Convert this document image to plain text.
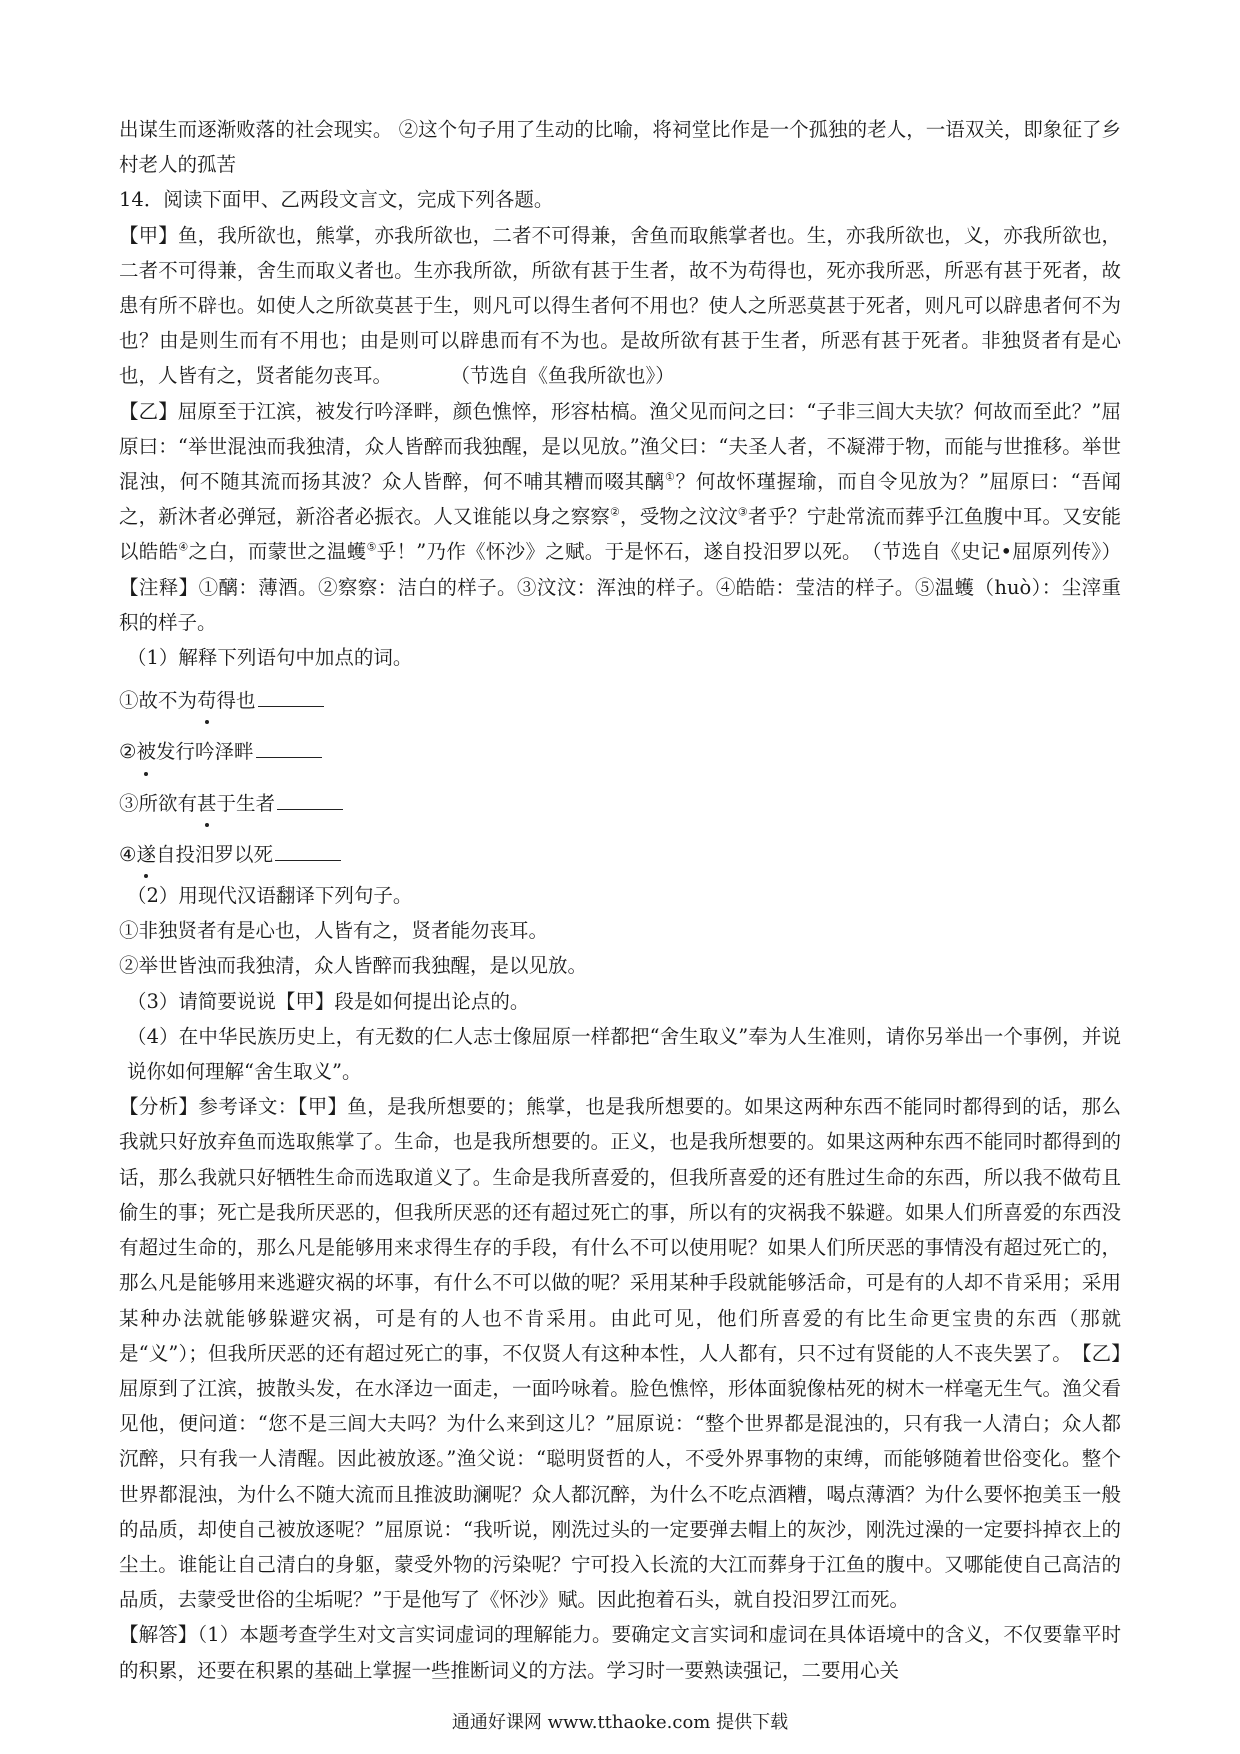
出谋生而逐渐败落的社会现实。 ②这个句子用了生动的比喻，将祠堂比作是一个孤独的老人，一语双关，即象征了乡村老人的孤苦

14．阅读下面甲、乙两段文言文，完成下列各题。

【甲】鱼，我所欲也，熊掌，亦我所欲也，二者不可得兼，舍鱼而取熊掌者也。生，亦我所欲也，义，亦我所欲也，二者不可得兼，舍生而取义者也。生亦我所欲，所欲有甚于生者，故不为苟得也，死亦我所恶，所恶有甚于死者，故患有所不辟也。如使人之所欲莫甚于生，则凡可以得生者何不用也？使人之所恶莫甚于死者，则凡可以辟患者何不为也？由是则生而有不用也；由是则可以辟患而有不为也。是故所欲有甚于生者，所恶有甚于死者。非独贤者有是心也，人皆有之，贤者能勿丧耳。　　　　（节选自《鱼我所欲也》）

【乙】屈原至于江滨，被发行吟泽畔，颜色憔悴，形容枯槁。渔父见而问之曰：“子非三闾大夫欤？何故而至此？”屈原曰：“举世混浊而我独清，众人皆醉而我独醒，是以见放。”渔父曰：“夫圣人者，不凝滞于物，而能与世推移。举世混浊，何不随其流而扬其波？众人皆醉，何不哺其糟而啜其醨①？何故怀瑾握瑜，而自令见放为？”屈原曰：“吾闻之，新沐者必弹冠，新浴者必振衣。人又谁能以身之察察②，受物之汶汶③者乎？宁赴常流而葬乎江鱼腹中耳。又安能以皓皓④之白，而蒙世之温蠖⑤乎！”乃作《怀沙》之赋。于是怀石，遂自投汨罗以死。　（节选自《史记•屈原列传》）【注释】①醨：薄酒。②察察：洁白的样子。③汶汶：浑浊的样子。④皓皓：莹洁的样子。⑤温蠖（huò）：尘滓重积的样子。

（1）解释下列语句中加点的词。

①故不为苟得也

②被发行吟泽畔

③所欲有甚于生者

④遂自投汨罗以死

（2）用现代汉语翻译下列句子。

①非独贤者有是心也，人皆有之，贤者能勿丧耳。

②举世皆浊而我独清，众人皆醉而我独醒，是以见放。

（3）请简要说说【甲】段是如何提出论点的。

（4）在中华民族历史上，有无数的仁人志士像屈原一样都把“舍生取义”奉为人生准则，请你另举出一个事例，并说说你如何理解“舍生取义”。

【分析】参考译文：【甲】鱼，是我所想要的；熊掌，也是我所想要的。如果这两种东西不能同时都得到的话，那么我就只好放弃鱼而选取熊掌了。生命，也是我所想要的。正义，也是我所想要的。如果这两种东西不能同时都得到的话，那么我就只好牺牲生命而选取道义了。生命是我所喜爱的，但我所喜爱的还有胜过生命的东西，所以我不做苟且偷生的事；死亡是我所厌恶的，但我所厌恶的还有超过死亡的事，所以有的灾祸我不躲避。如果人们所喜爱的东西没有超过生命的，那么凡是能够用来求得生存的手段，有什么不可以使用呢？如果人们所厌恶的事情没有超过死亡的，那么凡是能够用来逃避灾祸的坏事，有什么不可以做的呢？采用某种手段就能够活命，可是有的人却不肯采用；采用某种办法就能够躲避灾祸，可是有的人也不肯采用。由此可见，他们所喜爱的有比生命更宝贵的东西（那就是“义”）；但我所厌恶的还有超过死亡的事，不仅贤人有这种本性，人人都有，只不过有贤能的人不丧失罢了。　【乙】屈原到了江滨，披散头发，在水泽边一面走，一面吟咏着。脸色憔悴，形体面貌像枯死的树木一样毫无生气。渔父看见他，便问道：“您不是三闾大夫吗？为什么来到这儿？”屈原说：“整个世界都是混浊的，只有我一人清白；众人都沉醉，只有我一人清醒。因此被放逐。”渔父说：“聪明贤哲的人，不受外界事物的束缚，而能够随着世俗变化。整个世界都混浊，为什么不随大流而且推波助澜呢？众人都沉醉，为什么不吃点酒糟，喝点薄酒？为什么要怀抱美玉一般的品质，却使自己被放逐呢？”屈原说：“我听说，刚洗过头的一定要弹去帽上的灰沙，刚洗过澡的一定要抖掉衣上的尘土。谁能让自己清白的身躯，蒙受外物的污染呢？宁可投入长流的大江而葬身于江鱼的腹中。又哪能使自己高洁的品质，去蒙受世俗的尘垢呢？”于是他写了《怀沙》赋。因此抱着石头，就自投汨罗江而死。

【解答】（1）本题考查学生对文言实词虚词的理解能力。要确定文言实词和虚词在具体语境中的含义，不仅要靠平时的积累，还要在积累的基础上掌握一些推断词义的方法。学习时一要熟读强记，二要用心关

通通好课网 www.tthaoke.com 提供下载
